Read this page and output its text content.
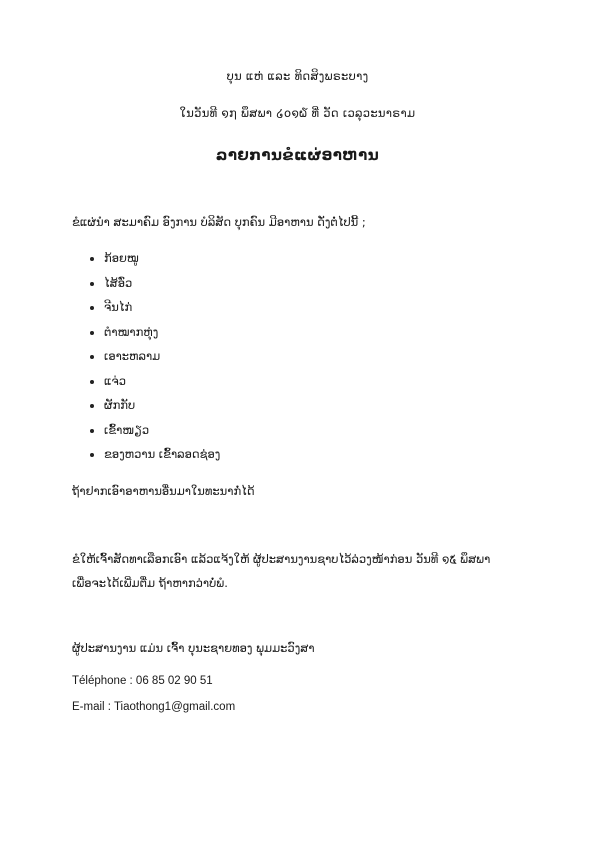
ບຸນ ແຫ່ ແລະ ທິດສິງພຣະບາງ
ໃນວັນທີ ໑໗ ພຶສພາ ໒໐໑໖ ທີ່ ວັດ ເວລຸວະນາຣາມ
ລາຍການຂໍແຜ່ອາຫານ
ຂໍແຜ່ນຳ ສະມາຄົມ ອົງການ ບໍລິສັດ ບຸກຄົນ ມີອາຫານ ດັ່ງຕໍ່ໄປນີ້ ;
ກ້ອຍໝູ
ໄສ້ອົ່ວ
ຈີນໄກ່
ຕຳໝາກຫຸ່ງ
ເອາະຫລາມ
ແຈ່ວ
ຜັກກັບ
ເຂົ້າໜຽວ
ຂອງຫວານ ເຂົ້າລອດຊ່ອງ
ຖ້າຢາກເອົາອາຫານອື່ນມາໃນທະນາກໍ່ໄດ້
ຂໍໃຫ້ເຈົ້າສັດທາເລືອກເອົາ ແລ້ວແຈ້ງໃຫ້ ຜູ້ປະສານງານຊາບໄວ້ລ່ວງໜ້າກ່ອນ ວັນທີ ໑໕ ພຶສພາ
ເພື່ອຈະໄດ້ເພີ່ມຕື່ມ ຖ້າຫາກວ່າບໍ່ພໍ.
ຜູ້ປະສານງານ ແມ່ນ ເຈົ້າ ບຸນະຊາຍທອງ ພຸມມະວົງສາ
Téléphone : 06 85 02 90 51
E-mail : Tiaothong1@gmail.com
